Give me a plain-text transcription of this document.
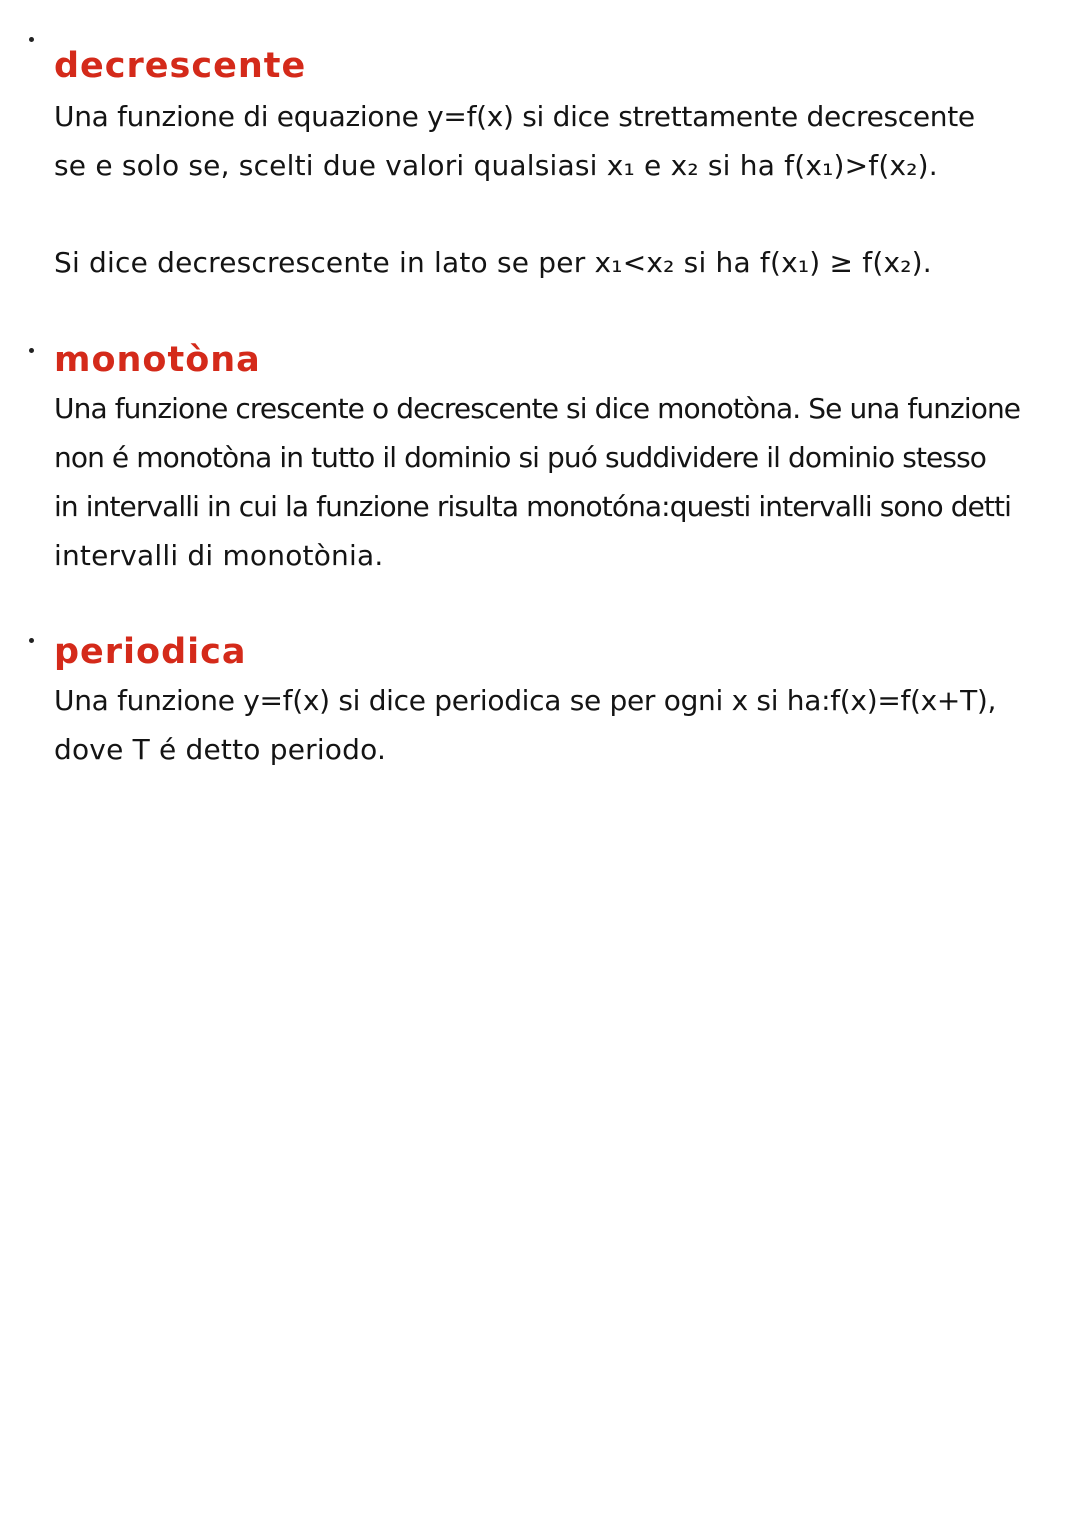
decrescente

Una funzione di equazione y=f(x) si dice strettamente decrescente

se e solo se, scelti due valori qualsiasi x₁ e x₂ si ha f(x₁)>f(x₂).

Si dice decrescrescente in lato se per x₁<x₂ si ha f(x₁) ≥ f(x₂).

monotòna

Una funzione crescente o decrescente si dice monotòna. Se una funzione

non é monotòna in tutto il dominio si puó suddividere il dominio stesso

in intervalli in cui la funzione risulta monotóna:questi intervalli sono detti

intervalli di monotònia.

periodica

Una funzione y=f(x) si dice periodica se per ogni x si ha:f(x)=f(x+T),

dove T é detto periodo.
